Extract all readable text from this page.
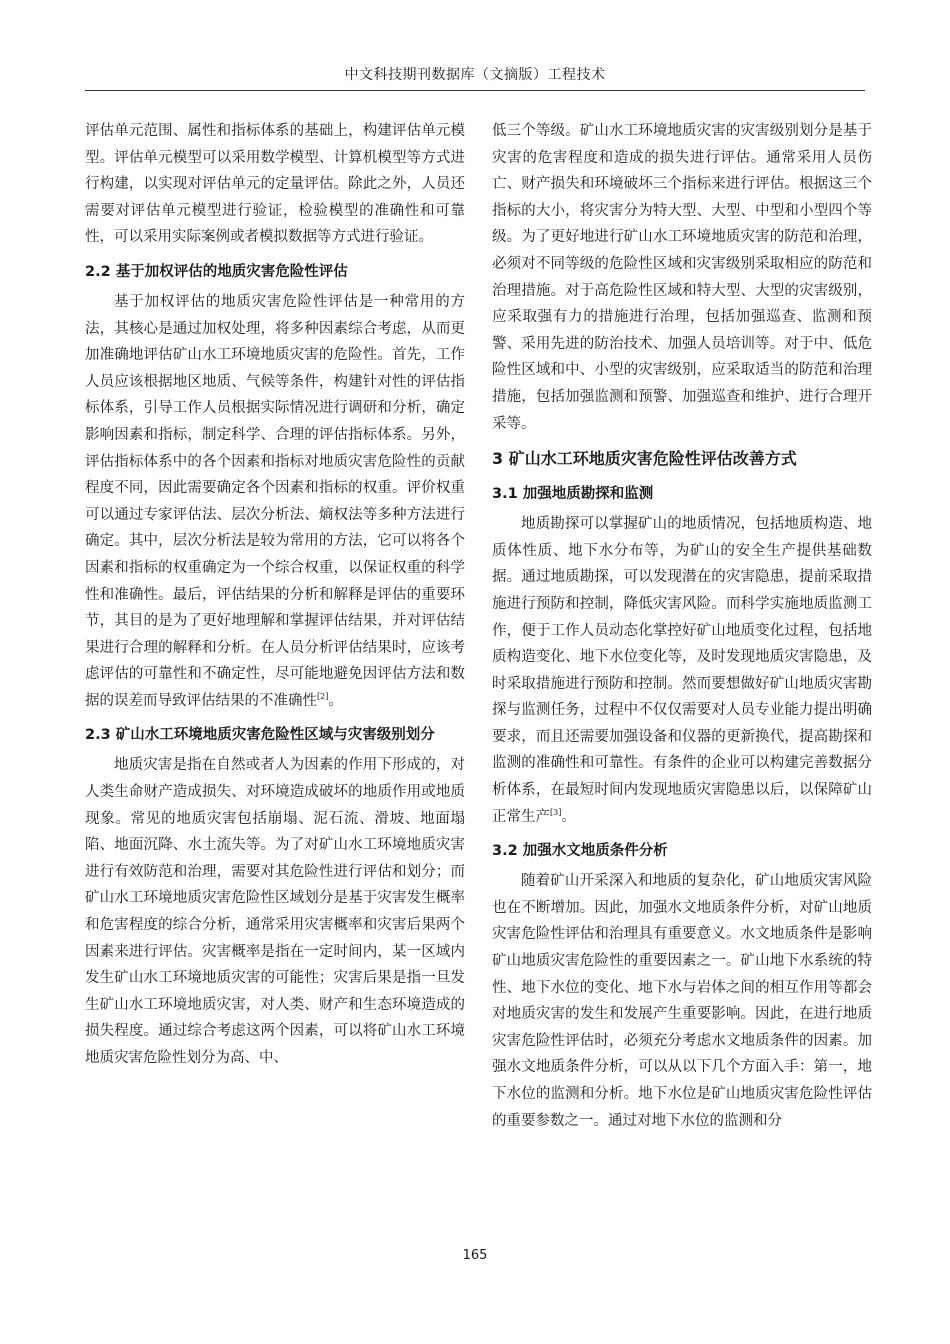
中文科技期刊数据库（文摘版）工程技术

评估单元范围、属性和指标体系的基础上，构建评估单元模型。评估单元模型可以采用数学模型、计算机模型等方式进行构建，以实现对评估单元的定量评估。除此之外，人员还需要对评估单元模型进行验证，检验模型的准确性和可靠性，可以采用实际案例或者模拟数据等方式进行验证。

2.2 基于加权评估的地质灾害危险性评估

基于加权评估的地质灾害危险性评估是一种常用的方法，其核心是通过加权处理，将多种因素综合考虑，从而更加准确地评估矿山水工环境地质灾害的危险性。首先，工作人员应该根据地区地质、气候等条件，构建针对性的评估指标体系，引导工作人员根据实际情况进行调研和分析，确定影响因素和指标，制定科学、合理的评估指标体系。另外，评估指标体系中的各个因素和指标对地质灾害危险性的贡献程度不同，因此需要确定各个因素和指标的权重。评价权重可以通过专家评估法、层次分析法、熵权法等多种方法进行确定。其中，层次分析法是较为常用的方法，它可以将各个因素和指标的权重确定为一个综合权重，以保证权重的科学性和准确性。最后，评估结果的分析和解释是评估的重要环节，其目的是为了更好地理解和掌握评估结果，并对评估结果进行合理的解释和分析。在人员分析评估结果时，应该考虑评估的可靠性和不确定性，尽可能地避免因评估方法和数据的误差而导致评估结果的不准确性[2]。

2.3 矿山水工环境地质灾害危险性区域与灾害级别划分

地质灾害是指在自然或者人为因素的作用下形成的，对人类生命财产造成损失、对环境造成破坏的地质作用或地质现象。常见的地质灾害包括崩塌、泥石流、滑坡、地面塌陷、地面沉降、水土流失等。为了对矿山水工环境地质灾害进行有效防范和治理，需要对其危险性进行评估和划分；而矿山水工环境地质灾害危险性区域划分是基于灾害发生概率和危害程度的综合分析，通常采用灾害概率和灾害后果两个因素来进行评估。灾害概率是指在一定时间内，某一区域内发生矿山水工环境地质灾害的可能性；灾害后果是指一旦发生矿山水工环境地质灾害，对人类、财产和生态环境造成的损失程度。通过综合考虑这两个因素，可以将矿山水工环境地质灾害危险性划分为高、中、

低三个等级。矿山水工环境地质灾害的灾害级别划分是基于灾害的危害程度和造成的损失进行评估。通常采用人员伤亡、财产损失和环境破坏三个指标来进行评估。根据这三个指标的大小，将灾害分为特大型、大型、中型和小型四个等级。为了更好地进行矿山水工环境地质灾害的防范和治理，必须对不同等级的危险性区域和灾害级别采取相应的防范和治理措施。对于高危险性区域和特大型、大型的灾害级别，应采取强有力的措施进行治理，包括加强巡查、监测和预警、采用先进的防治技术、加强人员培训等。对于中、低危险性区域和中、小型的灾害级别，应采取适当的防范和治理措施，包括加强监测和预警、加强巡查和维护、进行合理开采等。

3 矿山水工环地质灾害危险性评估改善方式
3.1 加强地质勘探和监测

地质勘探可以掌握矿山的地质情况，包括地质构造、地质体性质、地下水分布等，为矿山的安全生产提供基础数据。通过地质勘探，可以发现潜在的灾害隐患，提前采取措施进行预防和控制，降低灾害风险。而科学实施地质监测工作，便于工作人员动态化掌控好矿山地质变化过程，包括地质构造变化、地下水位变化等，及时发现地质灾害隐患，及时采取措施进行预防和控制。然而要想做好矿山地质灾害勘探与监测任务，过程中不仅仅需要对人员专业能力提出明确要求，而且还需要加强设备和仪器的更新换代，提高勘探和监测的准确性和可靠性。有条件的企业可以构建完善数据分析体系，在最短时间内发现地质灾害隐患以后，以保障矿山正常生产[3]。

3.2 加强水文地质条件分析

随着矿山开采深入和地质的复杂化，矿山地质灾害风险也在不断增加。因此，加强水文地质条件分析，对矿山地质灾害危险性评估和治理具有重要意义。水文地质条件是影响矿山地质灾害危险性的重要因素之一。矿山地下水系统的特性、地下水位的变化、地下水与岩体之间的相互作用等都会对地质灾害的发生和发展产生重要影响。因此，在进行地质灾害危险性评估时，必须充分考虑水文地质条件的因素。加强水文地质条件分析，可以从以下几个方面入手：第一，地下水位的监测和分析。地下水位是矿山地质灾害危险性评估的重要参数之一。通过对地下水位的监测和分

165
